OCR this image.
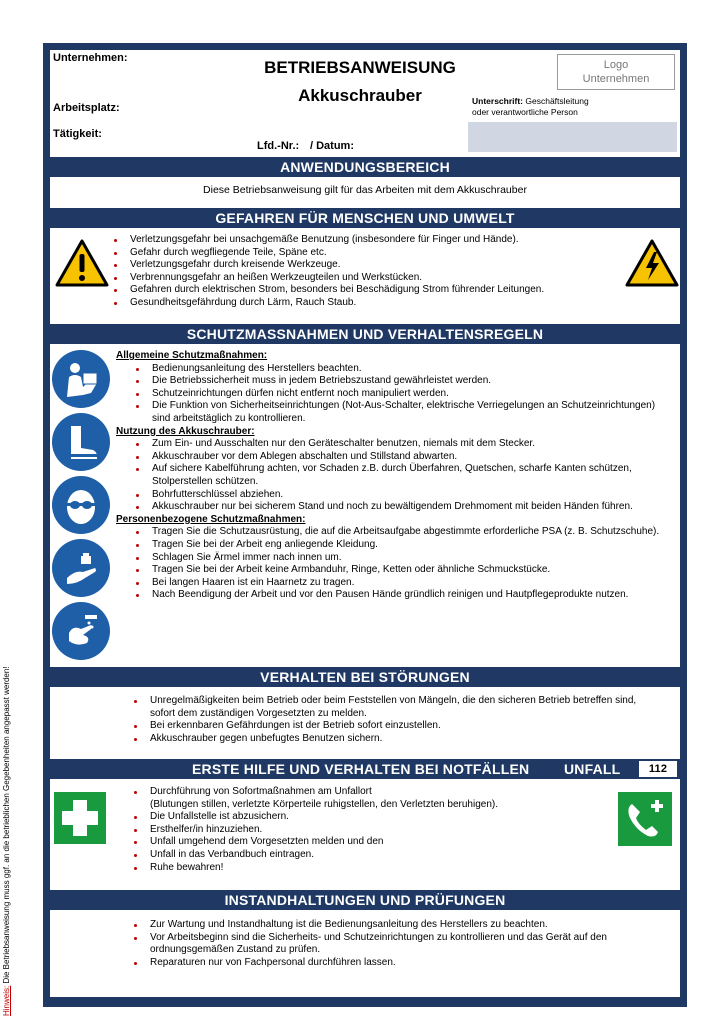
Hinweis: Die Betriebsanweisung muss ggf. an die betrieblichen Gegebenheiten angepasst werden!
Unternehmen:	BETRIEBSANWEISUNG
Akkuschrauber
Arbeitsplatz:
Tätigkeit:
Lfd.-Nr.: / Datum:
Logo
Unternehmen
Unterschrift: Geschäftsleitung
oder verantwortliche Person
ANWENDUNGSBEREICH
Diese Betriebsanweisung gilt für das Arbeiten mit dem Akkuschrauber
GEFAHREN FÜR MENSCHEN UND UMWELT
Verletzungsgefahr bei unsachgemäße Benutzung (insbesondere für Finger und Hände).
Gefahr durch wegfliegende Teile, Späne etc.
Verletzungsgefahr durch kreisende Werkzeuge.
Verbrennungsgefahr an heißen Werkzeugteilen und Werkstücken.
Gefahren durch elektrischen Strom, besonders bei Beschädigung Strom führender Leitungen.
Gesundheitsgefährdung durch Lärm, Rauch Staub.
SCHUTZMASSNAHMEN UND VERHALTENSREGELN
Allgemeine Schutzmaßnahmen:
Bedienungsanleitung des Herstellers beachten.
Die Betriebssicherheit muss in jedem Betriebszustand gewährleistet werden.
Schutzeinrichtungen dürfen nicht entfernt noch manipuliert werden.
Die Funktion von Sicherheitseinrichtungen (Not-Aus-Schalter, elektrische Verriegelungen an Schutzeinrichtungen) sind arbeitstäglich zu kontrollieren.
Nutzung des Akkuschrauber:
Zum Ein- und Ausschalten nur den Geräteschalter benutzen, niemals mit dem Stecker.
Akkuschrauber vor dem Ablegen abschalten und Stillstand abwarten.
Auf sichere Kabelführung achten, vor Schaden z.B. durch Überfahren, Quetschen, scharfe Kanten schützen, Stolperstellen schützen.
Bohrfutterschlüssel abziehen.
Akkuschrauber nur bei sicherem Stand und noch zu bewältigendem Drehmoment mit beiden Händen führen.
Personenbezogene Schutzmaßnahmen:
Tragen Sie die Schutzausrüstung, die auf die Arbeitsaufgabe abgestimmte erforderliche PSA (z. B. Schutzschuhe).
Tragen Sie bei der Arbeit eng anliegende Kleidung.
Schlagen Sie Ärmel immer nach innen um.
Tragen Sie bei der Arbeit keine Armbanduhr, Ringe, Ketten oder ähnliche Schmuckstücke.
Bei langen Haaren ist ein Haarnetz zu tragen.
Nach Beendigung der Arbeit und vor den Pausen Hände gründlich reinigen und Hautpflegeprodukte nutzen.
VERHALTEN BEI STÖRUNGEN
Unregelmäßigkeiten beim Betrieb oder beim Feststellen von Mängeln, die den sicheren Betrieb betreffen sind, sofort dem zuständigen Vorgesetzten zu melden.
Bei erkennbaren Gefährdungen ist der Betrieb sofort einzustellen.
Akkuschrauber gegen unbefugtes Benutzen sichern.
ERSTE HILFE UND VERHALTEN BEI NOTFÄLLEN UNFALL	112
Durchführung von Sofortmaßnahmen am Unfallort
(Blutungen stillen, verletzte Körperteile ruhigstellen, den Verletzten beruhigen).
Die Unfallstelle ist abzusichern.
Ersthelfer/in hinzuziehen.
Unfall umgehend dem Vorgesetzten melden und den
Unfall in das Verbandbuch eintragen.
Ruhe bewahren!
INSTANDHALTUNGEN UND PRÜFUNGEN
Zur Wartung und Instandhaltung ist die Bedienungsanleitung des Herstellers zu beachten.
Vor Arbeitsbeginn sind die Sicherheits- und Schutzeinrichtungen zu kontrollieren und das Gerät auf den ordnungsgemäßen Zustand zu prüfen.
Reparaturen nur von Fachpersonal durchführen lassen.
